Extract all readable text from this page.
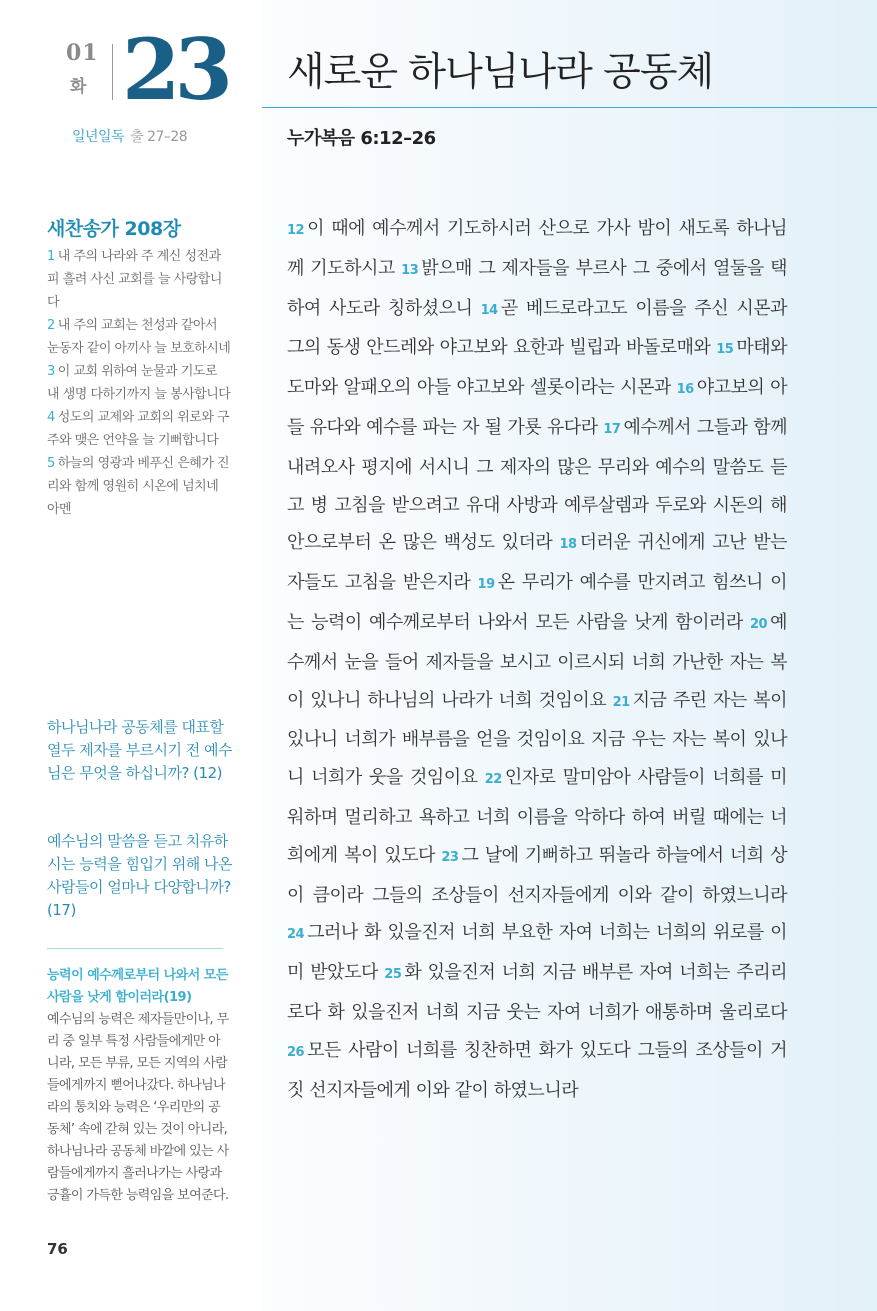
01
화 23 새로운 하나님나라 공동체
일년일독 출 27–28	누가복음 6:12–26
새찬송가 208장
1 내 주의 나라와 주 계신 성전과 피 흘려 사신 교회를 늘 사랑합니다
2 내 주의 교회는 천성과 같아서 눈동자 같이 아끼사 늘 보호하시네
3 이 교회 위하여 눈물과 기도로 내 생명 다하기까지 늘 봉사합니다
4 성도의 교제와 교회의 위로와 구주와 맺은 언약을 늘 기뻐합니다
5 하늘의 영광과 베푸신 은혜가 진리와 함께 영원히 시온에 넘치네 아멘
하나님나라 공동체를 대표할 열두 제자를 부르시기 전 예수님은 무엇을 하십니까? (12)
예수님의 말씀을 듣고 치유하시는 능력을 힘입기 위해 나온 사람들이 얼마나 다양합니까? (17)
능력이 예수께로부터 나와서 모든 사람을 낫게 함이러라(19)
예수님의 능력은 제자들만이나, 무리 중 일부 특정 사람들에게만 아니라, 모든 부류, 모든 지역의 사람들에게까지 뻗어나갔다. 하나님나라의 통치와 능력은 ‘우리만의 공동체’ 속에 갇혀 있는 것이 아니라, 하나님나라 공동체 바깥에 있는 사람들에게까지 흘러나가는 사랑과 긍휼이 가득한 능력임을 보여준다.
76
12 이 때에 예수께서 기도하시러 산으로 가사 밤이 새도록 하나님께 기도하시고 13 밝으매 그 제자들을 부르사 그 중에서 열둘을 택하여 사도라 칭하셨으니 14 곧 베드로라고도 이름을 주신 시몬과 그의 동생 안드레와 야고보와 요한과 빌립과 바돌로매와 15 마태와 도마와 알패오의 아들 야고보와 셀롯이라는 시몬과 16 야고보의 아들 유다와 예수를 파는 자 될 가룟 유다라 17 예수께서 그들과 함께 내려오사 평지에 서시니 그 제자의 많은 무리와 예수의 말씀도 듣고 병 고침을 받으려고 유대 사방과 예루살렘과 두로와 시돈의 해안으로부터 온 많은 백성도 있더라 18 더러운 귀신에게 고난 받는 자들도 고침을 받은지라 19 온 무리가 예수를 만지려고 힘쓰니 이는 능력이 예수께로부터 나와서 모든 사람을 낫게 함이러라 20 예수께서 눈을 들어 제자들을 보시고 이르시되 너희 가난한 자는 복이 있나니 하나님의 나라가 너희 것임이요 21 지금 주린 자는 복이 있나니 너희가 배부름을 얻을 것임이요 지금 우는 자는 복이 있나니 너희가 웃을 것임이요 22 인자로 말미암아 사람들이 너희를 미워하며 멀리하고 욕하고 너희 이름을 악하다 하여 버릴 때에는 너희에게 복이 있도다 23 그 날에 기뻐하고 뛰놀라 하늘에서 너희 상이 큼이라 그들의 조상들이 선지자들에게 이와 같이 하였느니라 24 그러나 화 있을진저 너희 부요한 자여 너희는 너희의 위로를 이미 받았도다 25 화 있을진저 너희 지금 배부른 자여 너희는 주리리로다 화 있을진저 너희 지금 웃는 자여 너희가 애통하며 울리로다 26 모든 사람이 너희를 칭찬하면 화가 있도다 그들의 조상들이 거짓 선지자들에게 이와 같이 하였느니라
